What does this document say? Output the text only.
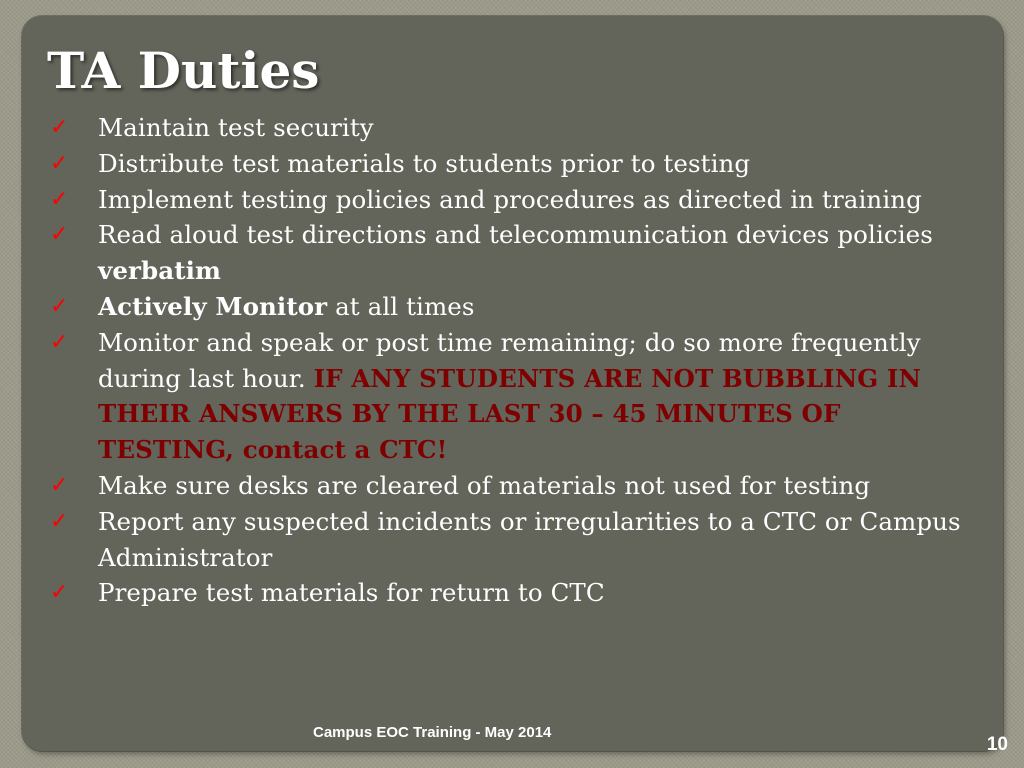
TA Duties
✓ Maintain test security
✓ Distribute test materials to students prior to testing
✓ Implement testing policies and procedures as directed in training
✓ Read aloud test directions and telecommunication devices policies verbatim
✓ Actively Monitor at all times
✓ Monitor and speak or post time remaining; do so more frequently during last hour. IF ANY STUDENTS ARE NOT BUBBLING IN THEIR ANSWERS BY THE LAST 30 – 45 MINUTES OF TESTING, contact a CTC!
✓ Make sure desks are cleared of materials not used for testing
✓ Report any suspected incidents or irregularities to a CTC or Campus Administrator
✓ Prepare test materials for return to CTC
Campus EOC Training - May 2014
10
